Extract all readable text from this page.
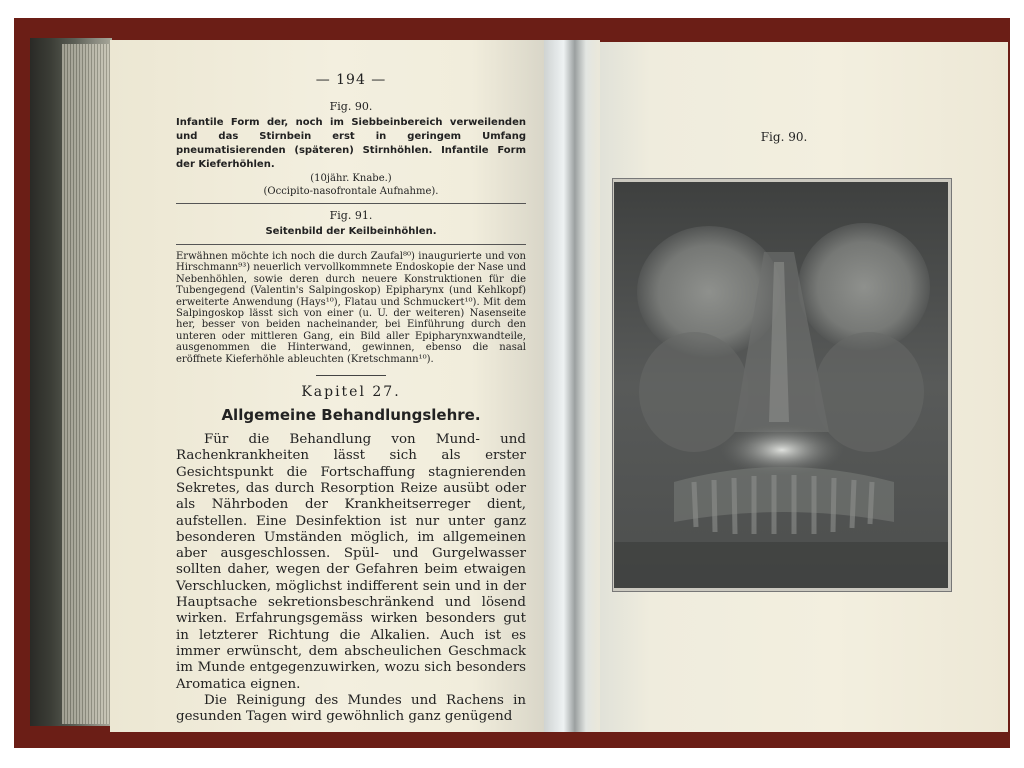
— 194 —
Fig. 90.
Infantile Form der, noch im Siebbeinbereich verweilenden und das Stirnbein erst in geringem Umfang pneumatisierenden (späteren) Stirnhöhlen. Infantile Form der Kieferhöhlen.
(10jähr. Knabe.)
(Occipito-nasofrontale Aufnahme).
Fig. 91.
Seitenbild der Keilbeinhöhlen.
Erwähnen möchte ich noch die durch Zaufal⁸⁰) inaugurierte und von Hirschmann⁹³) neuerlich vervollkommnete Endoskopie der Nase und Nebenhöhlen, sowie deren durch neuere Konstruktionen für die Tubengegend (Valentin's Salpingoskop) Epipharynx (und Kehlkopf) erweiterte Anwendung (Hays¹⁰), Flatau und Schmuckert¹⁰). Mit dem Salpingoskop lässt sich von einer (u. U. der weiteren) Nasenseite her, besser von beiden nacheinander, bei Einführung durch den unteren oder mittleren Gang, ein Bild aller Epipharynxwandteile, ausgenommen die Hinterwand, gewinnen, ebenso die nasal eröffnete Kieferhöhle ableuchten (Kretschmann¹⁰).
Kapitel 27.
Allgemeine Behandlungslehre.

Für die Behandlung von Mund- und Rachenkrankheiten lässt sich als erster Gesichtspunkt die Fortschaffung stagnierenden Sekretes, das durch Resorption Reize ausübt oder als Nährboden der Krankheitserreger dient, aufstellen. Eine Desinfektion ist nur unter ganz besonderen Umständen möglich, im allgemeinen aber ausgeschlossen. Spül- und Gurgelwasser sollten daher, wegen der Gefahren beim etwaigen Verschlucken, möglichst indifferent sein und in der Hauptsache sekretionsbeschränkend und lösend wirken. Erfahrungsgemäss wirken besonders gut in letzterer Richtung die Alkalien. Auch ist es immer erwünscht, dem abscheulichen Geschmack im Munde entgegenzuwirken, wozu sich besonders Aromatica eignen.

Die Reinigung des Mundes und Rachens in gesunden Tagen wird gewöhnlich ganz genügend

Fig. 90.
